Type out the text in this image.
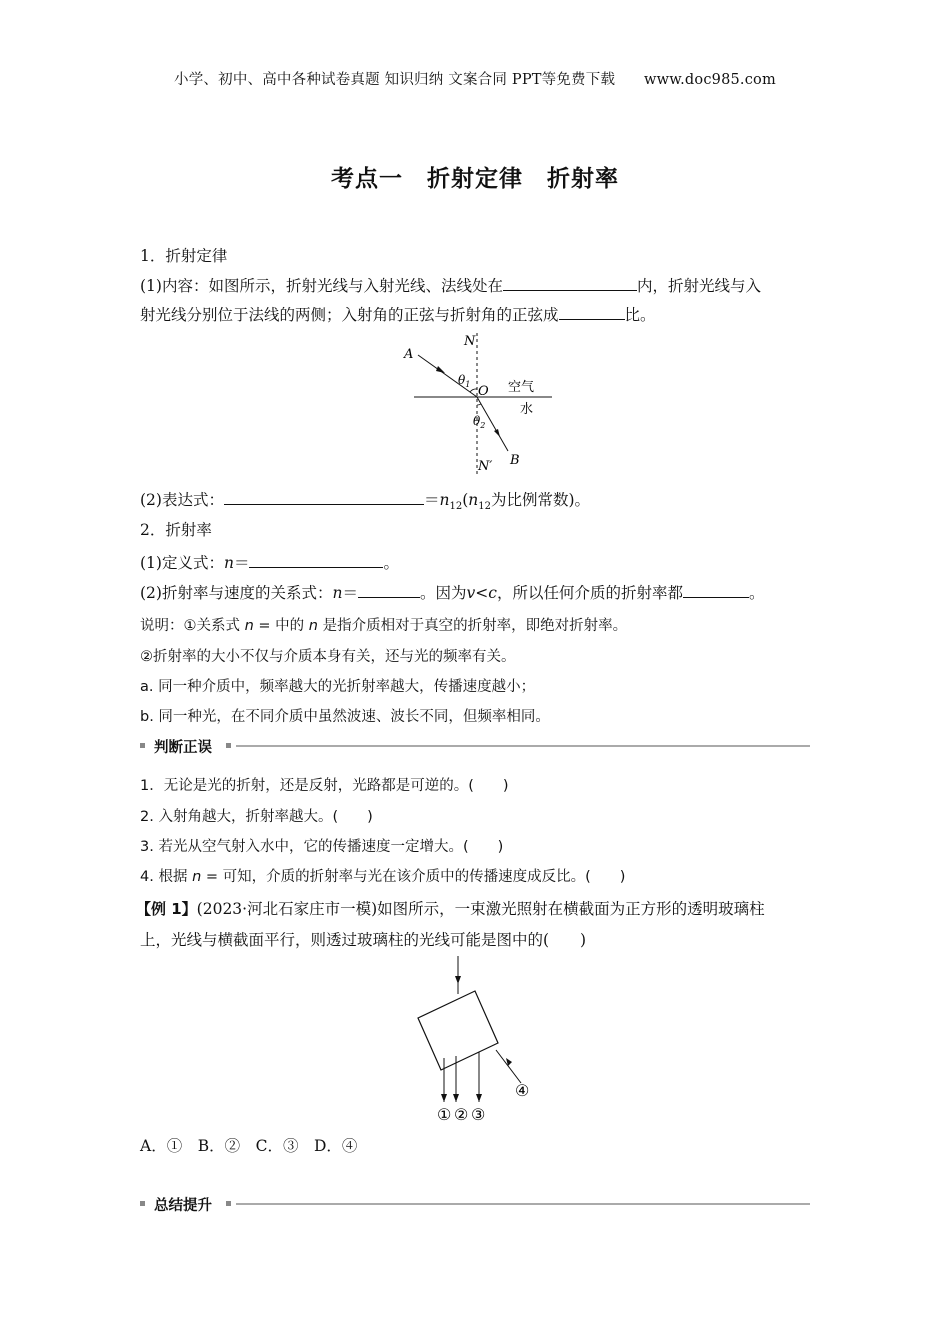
小学、初中、高中各种试卷真题 知识归纳 文案合同 PPT等免费下载 www.doc985.com
考点一　折射定律　折射率
1．折射定律
(1)内容：如图所示，折射光线与入射光线、法线处在	内，折射光线与入
射光线分别位于法线的两侧；入射角的正弦与折射角的正弦成	比。
A
N
$\theta_1$ O 空气
水
$\theta_2$
B
N′
(2)表达式：	$=n_{12}(n_{12}$为比例常数)。
2．折射率
(1)定义式：n＝	。
(2)折射率与速度的关系式：n＝	。因为v<c，所以任何介质的折射率都	。
说明：①关系式 n = 中的 n 是指介质相对于真空的折射率，即绝对折射率。
②折射率的大小不仅与介质本身有关，还与光的频率有关。
a. 同一种介质中，频率越大的光折射率越大，传播速度越小；
b. 同一种光，在不同介质中虽然波速、波长不同，但频率相同。
判断正误
1．无论是光的折射，还是反射，光路都是可逆的。(　　)
2. 入射角越大，折射率越大。(　　)
3. 若光从空气射入水中，它的传播速度一定增大。(　　)
4. 根据 n = 可知，介质的折射率与光在该介质中的传播速度成反比。(　　)
【例 1】(2023·河北石家庄市一模)如图所示，一束激光照射在横截面为正方形的透明玻璃柱
上，光线与横截面平行，则透过玻璃柱的光线可能是图中的(　　)
① ② ③
④
A．①　B．②　C．③　D．④
总结提升
